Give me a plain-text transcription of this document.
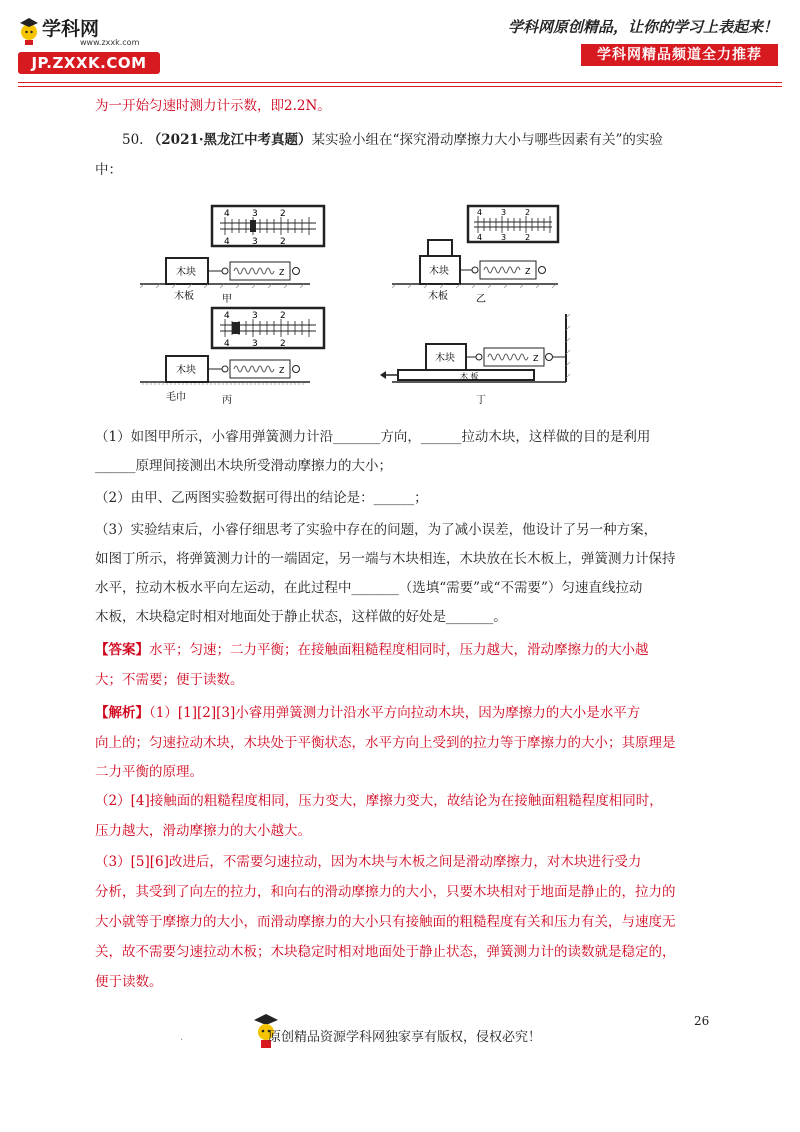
学科网
www.zxxk.com
JP.ZXXK.COM
学科网原创精品，让你的学习上表起来！
学科网精品频道全力推荐
为一开始匀速时测力计示数，即2.2N。
50. （2021·黑龙江中考真题）某实验小组在“探究滑动摩擦力大小与哪些因素有关”的实验
中：
4 3 2
4 3 2
木块	Z
木板	甲
4 3 2
4 3 2
木块	Z
木板	乙
4 3 2
4 3 2
木块	Z
毛巾	丙
木块	Z
木 板
丁
（1）如图甲所示，小睿用弹簧测力计沿_______方向，______拉动木块，这样做的目的是利用
______原理间接测出木块所受滑动摩擦力的大小；
（2）由甲、乙两图实验数据可得出的结论是：______；
（3）实验结束后，小睿仔细思考了实验中存在的问题，为了减小误差，他设计了另一种方案，
如图丁所示，将弹簧测力计的一端固定，另一端与木块相连，木块放在长木板上，弹簧测力计保持
水平，拉动木板水平向左运动，在此过程中_______（选填“需要”或“不需要”）匀速直线拉动
木板，木块稳定时相对地面处于静止状态，这样做的好处是_______。
【答案】水平；匀速；二力平衡；在接触面粗糙程度相同时，压力越大，滑动摩擦力的大小越
大；不需要；便于读数。
【解析】（1）[1][2][3]小睿用弹簧测力计沿水平方向拉动木块，因为摩擦力的大小是水平方
向上的；匀速拉动木块，木块处于平衡状态，水平方向上受到的拉力等于摩擦力的大小；其原理是
二力平衡的原理。
（2）[4]接触面的粗糙程度相同，压力变大，摩擦力变大，故结论为在接触面粗糙程度相同时，
压力越大，滑动摩擦力的大小越大。
（3）[5][6]改进后，不需要匀速拉动，因为木块与木板之间是滑动摩擦力，对木块进行受力
分析，其受到了向左的拉力，和向右的滑动摩擦力的大小，只要木块相对于地面是静止的，拉力的
大小就等于摩擦力的大小，而滑动摩擦力的大小只有接触面的粗糙程度有关和压力有关，与速度无
关，故不需要匀速拉动木板；木块稳定时相对地面处于静止状态，弹簧测力计的读数就是稳定的，
便于读数。
26
.	原创精品资源学科网独家享有版权，侵权必究！
